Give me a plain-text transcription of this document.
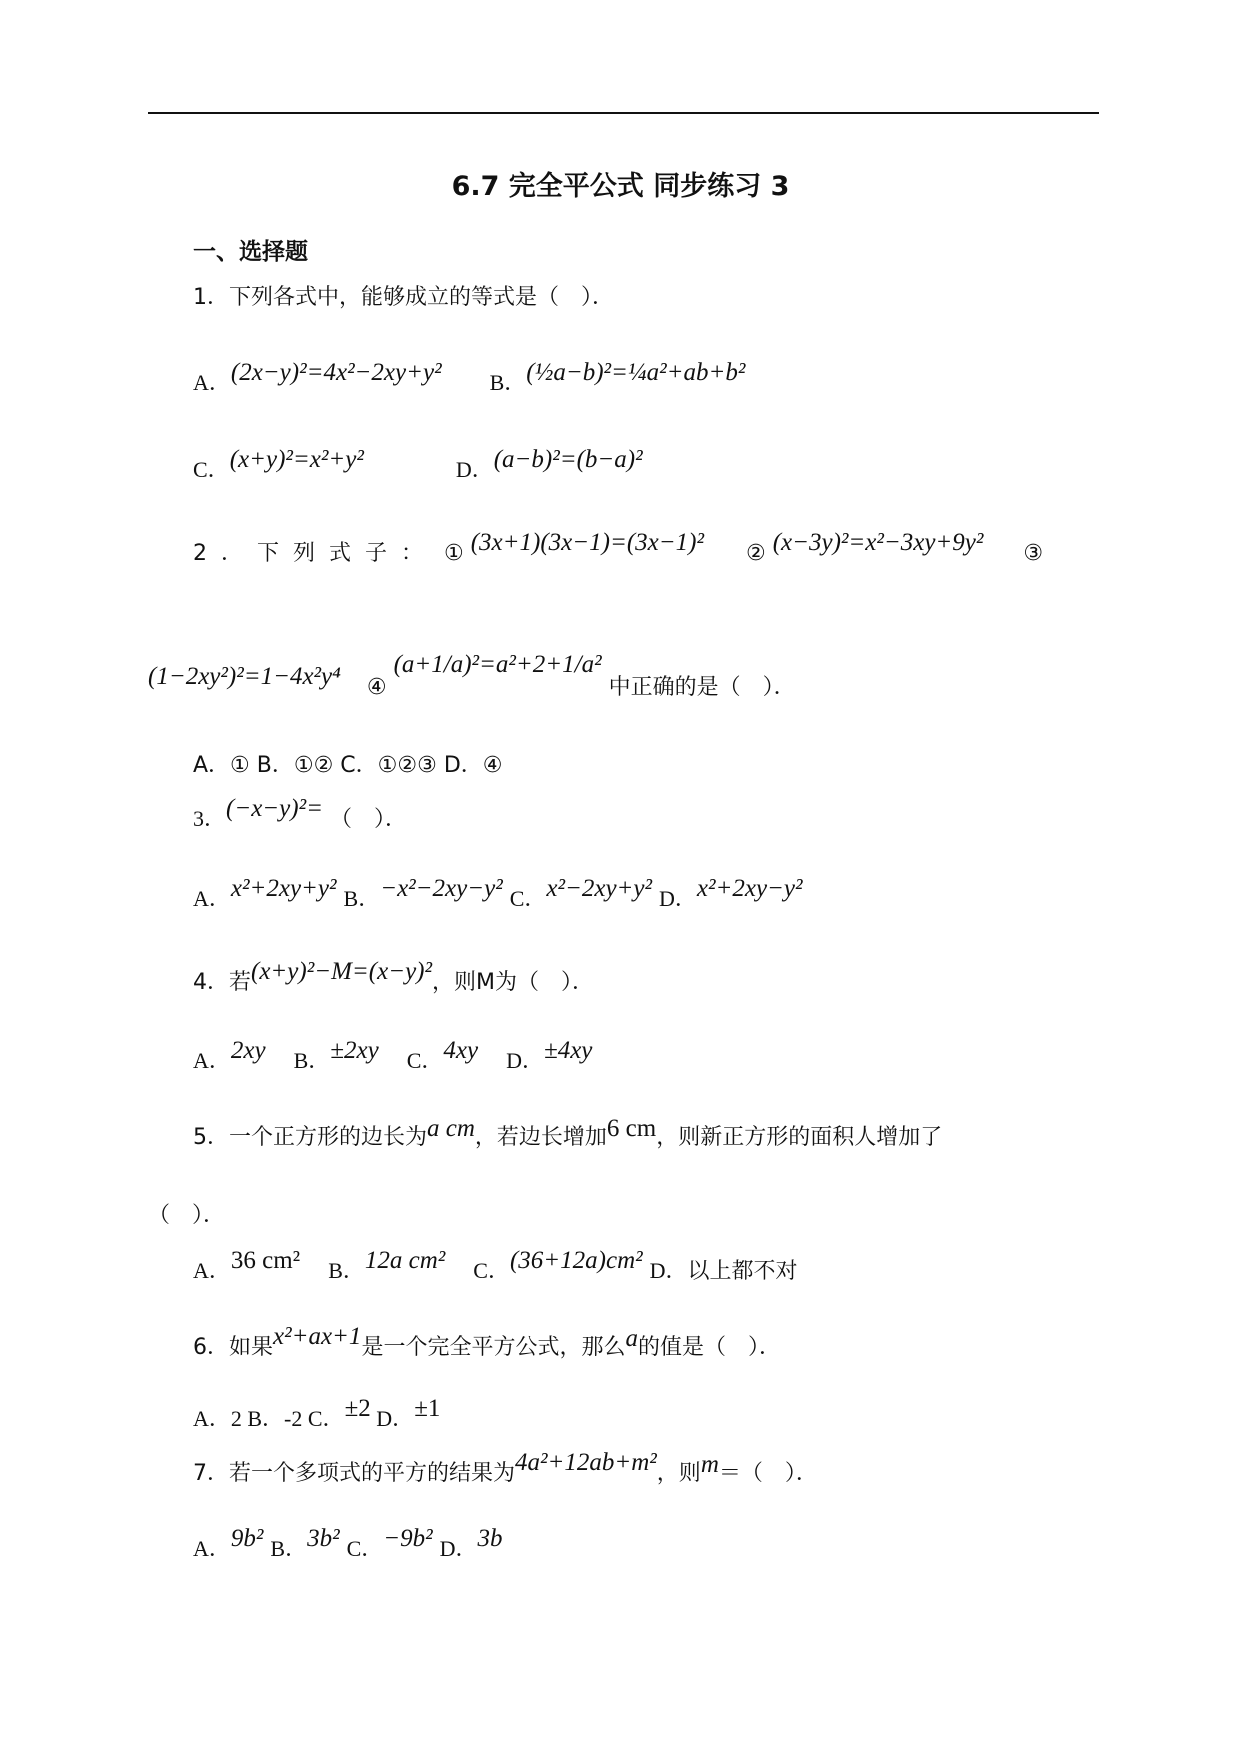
6.7 完全平公式 同步练习 3
一、选择题
1．下列各式中，能够成立的等式是（　）．
A．(2x−y)²=4x²−2xy+y² B．(½a−b)²=¼a²+ab+b²
C．(x+y)²=x²+y²	D．(a−b)²=(b−a)²
2．下列式子： ① (3x+1)(3x−1)=(3x−1)² ② (x−3y)²=x²−3xy+9y² ③
(1−2xy²)²=1−4x²y⁴ ④ (a+1/a)²=a²+2+1/a² 中正确的是（　）．
A．① B．①② C．①②③ D．④
3．(−x−y)²= （　）．
A．x²+2xy+y² B．−x²−2xy−y² C．x²−2xy+y² D．x²+2xy−y²
4．若(x+y)²−M=(x−y)²，则M为（　）．
A．2xy B．±2xy C．4xy D．±4xy
5．一个正方形的边长为a cm，若边长增加6 cm，则新正方形的面积人增加了
（　）．
A．36 cm² B．12a cm² C．(36+12a)cm² D．以上都不对
6．如果x²+ax+1是一个完全平方公式，那么a的值是（　）．
A．2 B．-2 C．±2 D．±1
7．若一个多项式的平方的结果为4a²+12ab+m²，则m＝（　）．
A．9b² B．3b² C．−9b² D．3b
